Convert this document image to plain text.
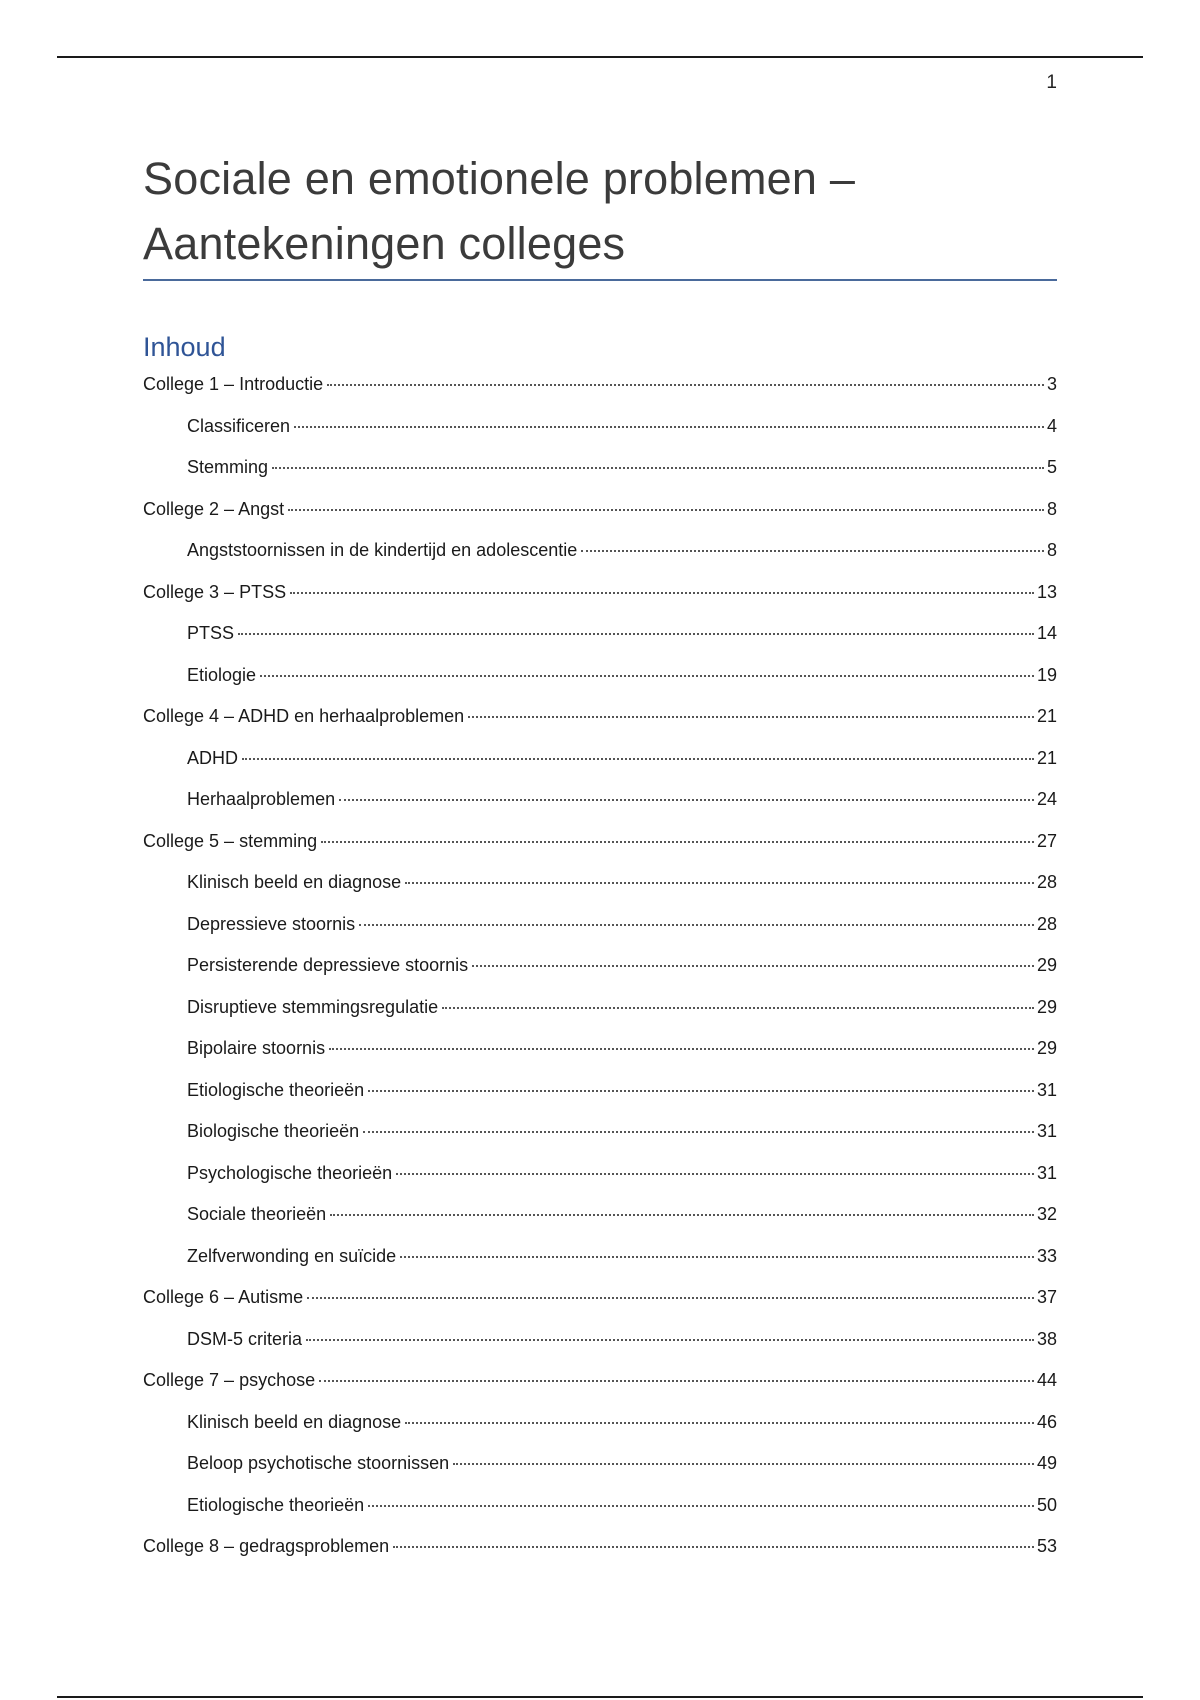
1
Sociale en emotionele problemen –
Aantekeningen colleges
Inhoud
College 1 – Introductie	3
Classificeren	4
Stemming	5
College 2 – Angst	8
Angststoornissen in de kindertijd en adolescentie	8
College 3 – PTSS	13
PTSS	14
Etiologie	19
College 4 – ADHD en herhaalproblemen	21
ADHD	21
Herhaalproblemen	24
College 5 – stemming	27
Klinisch beeld en diagnose	28
Depressieve stoornis	28
Persisterende depressieve stoornis	29
Disruptieve stemmingsregulatie	29
Bipolaire stoornis	29
Etiologische theorieën	31
Biologische theorieën	31
Psychologische theorieën	31
Sociale theorieën	32
Zelfverwonding en suïcide	33
College 6 – Autisme	37
DSM-5 criteria	38
College 7 – psychose	44
Klinisch beeld en diagnose	46
Beloop psychotische stoornissen	49
Etiologische theorieën	50
College 8 – gedragsproblemen	53
